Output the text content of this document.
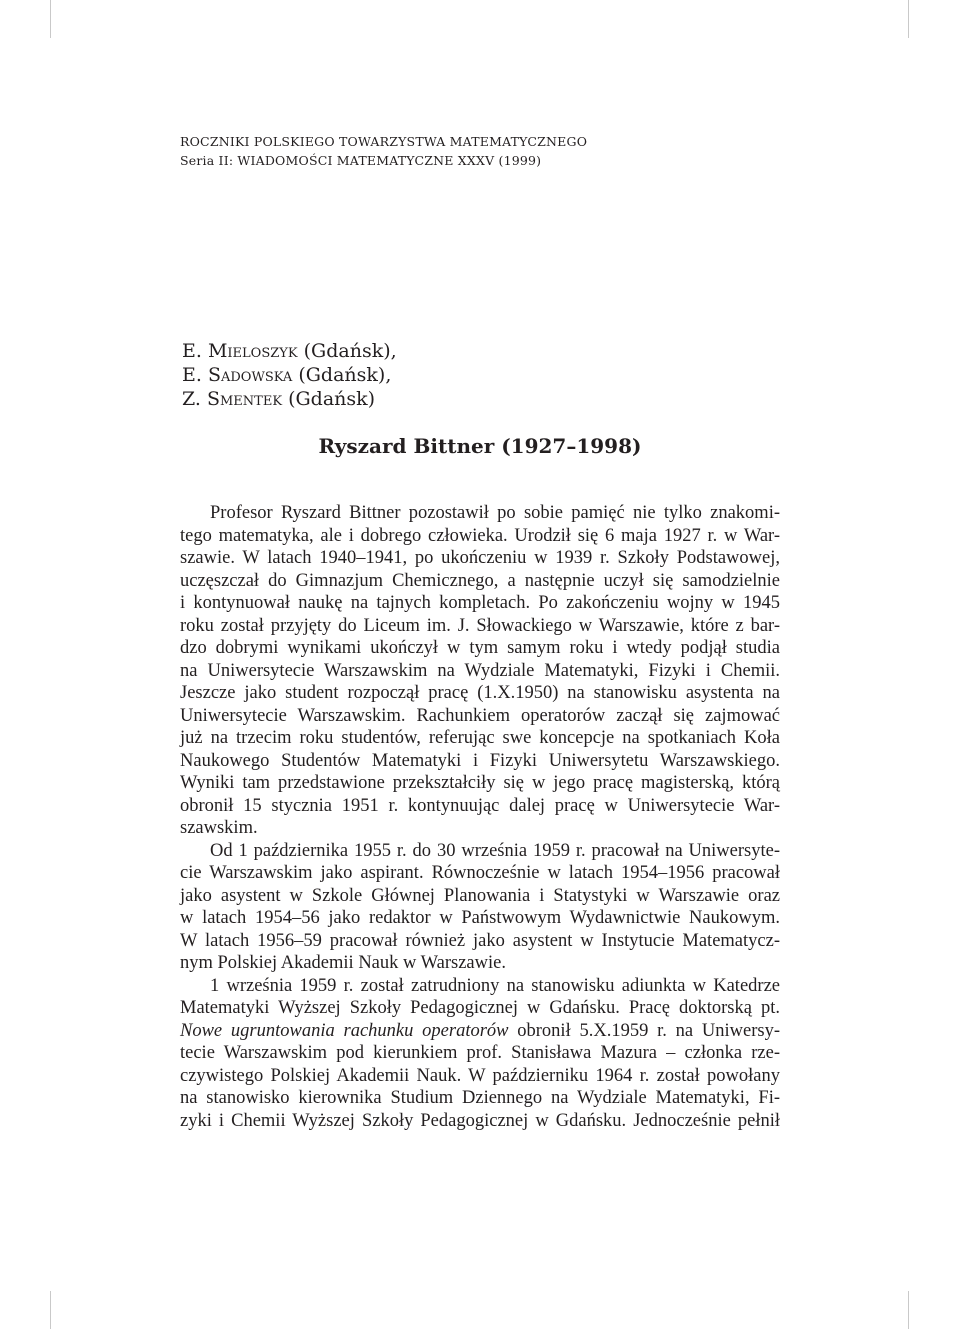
ROCZNIKI POLSKIEGO TOWARZYSTWA MATEMATYCZNEGO
Seria II: WIADOMOŚCI MATEMATYCZNE XXXV (1999)
E. Mieloszyk (Gdańsk),
E. Sadowska (Gdańsk),
Z. Smentek (Gdańsk)
Ryszard Bittner (1927–1998)
Profesor Ryszard Bittner pozostawił po sobie pamięć nie tylko znakomi-
tego matematyka, ale i dobrego człowieka. Urodził się 6 maja 1927 r. w War-
szawie. W latach 1940–1941, po ukończeniu w 1939 r. Szkoły Podstawowej,
uczęszczał do Gimnazjum Chemicznego, a następnie uczył się samodzielnie
i kontynuował naukę na tajnych kompletach. Po zakończeniu wojny w 1945
roku został przyjęty do Liceum im. J. Słowackiego w Warszawie, które z bar-
dzo dobrymi wynikami ukończył w tym samym roku i wtedy podjął studia
na Uniwersytecie Warszawskim na Wydziale Matematyki, Fizyki i Chemii.
Jeszcze jako student rozpoczął pracę (1.X.1950) na stanowisku asystenta na
Uniwersytecie Warszawskim. Rachunkiem operatorów zaczął się zajmować
już na trzecim roku studentów, referując swe koncepcje na spotkaniach Koła
Naukowego Studentów Matematyki i Fizyki Uniwersytetu Warszawskiego.
Wyniki tam przedstawione przekształciły się w jego pracę magisterską, którą
obronił 15 stycznia 1951 r. kontynuując dalej pracę w Uniwersytecie War-
szawskim.
Od 1 października 1955 r. do 30 września 1959 r. pracował na Uniwersyte-
cie Warszawskim jako aspirant. Równocześnie w latach 1954–1956 pracował
jako asystent w Szkole Głównej Planowania i Statystyki w Warszawie oraz
w latach 1954–56 jako redaktor w Państwowym Wydawnictwie Naukowym.
W latach 1956–59 pracował również jako asystent w Instytucie Matematycz-
nym Polskiej Akademii Nauk w Warszawie.
1 września 1959 r. został zatrudniony na stanowisku adiunkta w Katedrze
Matematyki Wyższej Szkoły Pedagogicznej w Gdańsku. Pracę doktorską pt.
Nowe ugruntowania rachunku operatorów obronił 5.X.1959 r. na Uniwersy-
tecie Warszawskim pod kierunkiem prof. Stanisława Mazura – członka rze-
czywistego Polskiej Akademii Nauk. W październiku 1964 r. został powołany
na stanowisko kierownika Studium Dziennego na Wydziale Matematyki, Fi-
zyki i Chemii Wyższej Szkoły Pedagogicznej w Gdańsku. Jednocześnie pełnił
